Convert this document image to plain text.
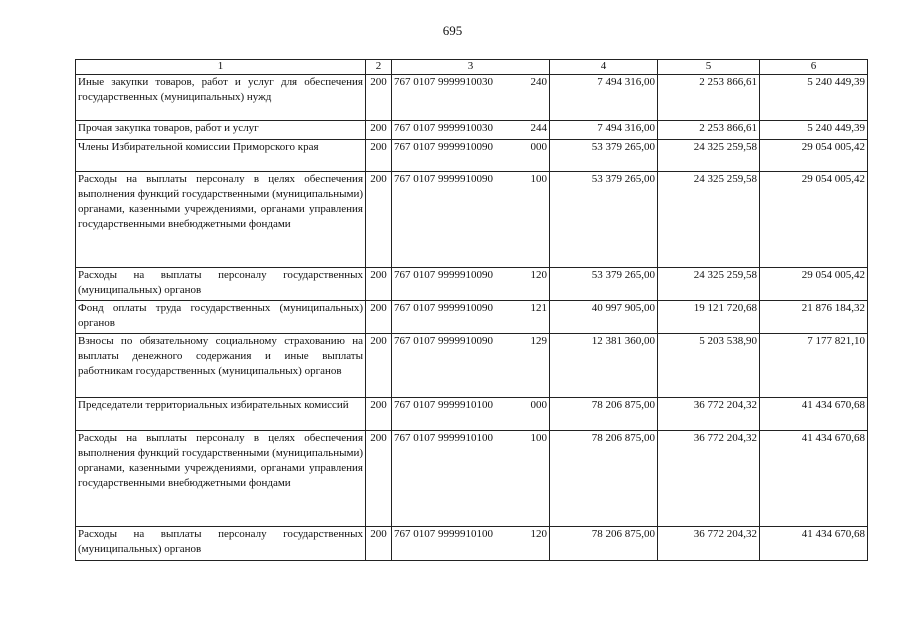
695
1	2	3	4	5	6
Иные закупки товаров, работ и услуг для обеспечения государственных (муниципальных) нужд	200	767 0107 9999910030 240	7 494 316,00	2 253 866,61	5 240 449,39
Прочая закупка товаров, работ и услуг	200	767 0107 9999910030 244	7 494 316,00	2 253 866,61	5 240 449,39
Члены Избирательной комиссии Приморского края	200	767 0107 9999910090 000	53 379 265,00	24 325 259,58	29 054 005,42
Расходы на выплаты персоналу в целях обеспечения выполнения функций государственными (муниципальными) органами, казенными учреждениями, органами управления государственными внебюджетными фондами	200	767 0107 9999910090 100	53 379 265,00	24 325 259,58	29 054 005,42
Расходы на выплаты персоналу государственных (муниципальных) органов	200	767 0107 9999910090 120	53 379 265,00	24 325 259,58	29 054 005,42
Фонд оплаты труда государственных (муниципальных) органов	200	767 0107 9999910090 121	40 997 905,00	19 121 720,68	21 876 184,32
Взносы по обязательному социальному страхованию на выплаты денежного содержания и иные выплаты работникам государственных (муниципальных) органов	200	767 0107 9999910090 129	12 381 360,00	5 203 538,90	7 177 821,10
Председатели территориальных избирательных комиссий	200	767 0107 9999910100 000	78 206 875,00	36 772 204,32	41 434 670,68
Расходы на выплаты персоналу в целях обеспечения выполнения функций государственными (муниципальными) органами, казенными учреждениями, органами управления государственными внебюджетными фондами	200	767 0107 9999910100 100	78 206 875,00	36 772 204,32	41 434 670,68
Расходы на выплаты персоналу государственных (муниципальных) органов	200	767 0107 9999910100 120	78 206 875,00	36 772 204,32	41 434 670,68
